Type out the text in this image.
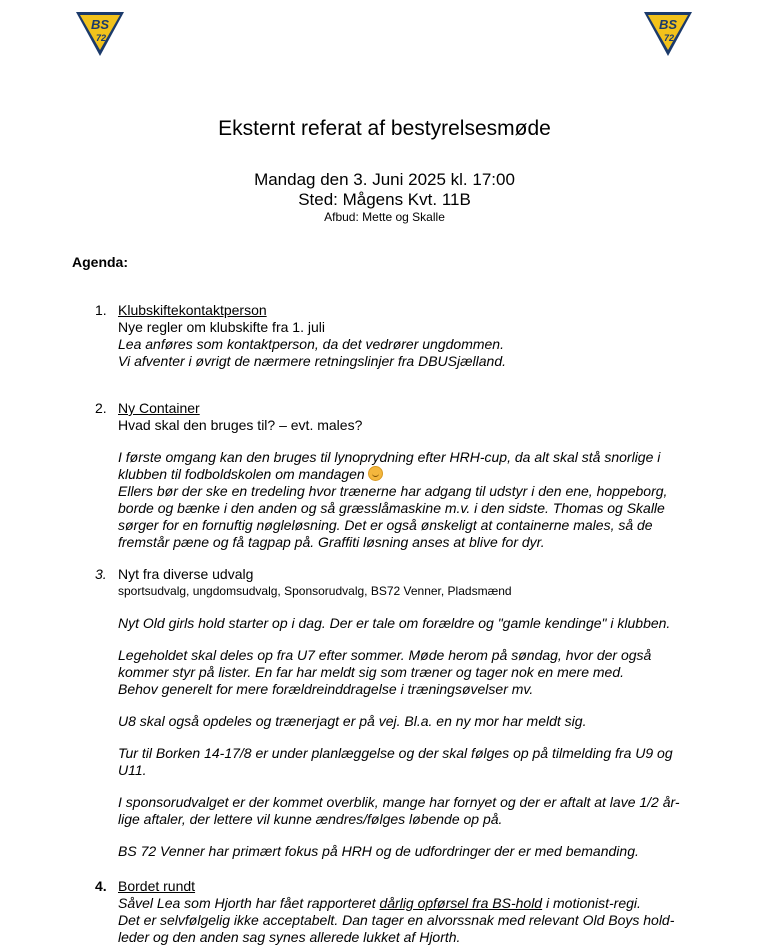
BS
72
BS
72
Eksternt referat af bestyrelsesmøde
Mandag den 3. Juni 2025 kl. 17:00
Sted: Mågens Kvt. 11B
Afbud: Mette og Skalle
Agenda:
1. Klubskiftekontaktperson
Nye regler om klubskifte fra 1. juli
Lea anføres som kontaktperson, da det vedrører ungdommen.
Vi afventer i øvrigt de nærmere retningslinjer fra DBUSjælland.
2. Ny Container
Hvad skal den bruges til? – evt. males?
I første omgang kan den bruges til lynoprydning efter HRH-cup, da alt skal stå snorlige i
klubben til fodboldskolen om mandagen
Ellers bør der ske en tredeling hvor trænerne har adgang til udstyr i den ene, hoppeborg,
borde og bænke i den anden og så græsslåmaskine m.v. i den sidste. Thomas og Skalle
sørger for en fornuftig nøgleløsning. Det er også ønskeligt at containerne males, så de
fremstår pæne og få tagpap på. Graffiti løsning anses at blive for dyr.
3. Nyt fra diverse udvalg
sportsudvalg, ungdomsudvalg, Sponsorudvalg, BS72 Venner, Pladsmænd
Nyt Old girls hold starter op i dag. Der er tale om forældre og "gamle kendinge" i klubben.
Legeholdet skal deles op fra U7 efter sommer. Møde herom på søndag, hvor der også
kommer styr på lister. En far har meldt sig som træner og tager nok en mere med.
Behov generelt for mere forældreinddragelse i træningsøvelser mv.
U8 skal også opdeles og trænerjagt er på vej. Bl.a. en ny mor har meldt sig.
Tur til Borken 14-17/8 er under planlæggelse og der skal følges op på tilmelding fra U9 og
U11.
I sponsorudvalget er der kommet overblik, mange har fornyet og der er aftalt at lave 1/2 år-
lige aftaler, der lettere vil kunne ændres/følges løbende op på.
BS 72 Venner har primært fokus på HRH og de udfordringer der er med bemanding.
4. Bordet rundt
Såvel Lea som Hjorth har fået rapporteret dårlig opførsel fra BS-hold i motionist-regi.
Det er selvfølgelig ikke acceptabelt. Dan tager en alvorssnak med relevant Old Boys hold-
leder og den anden sag synes allerede lukket af Hjorth.
